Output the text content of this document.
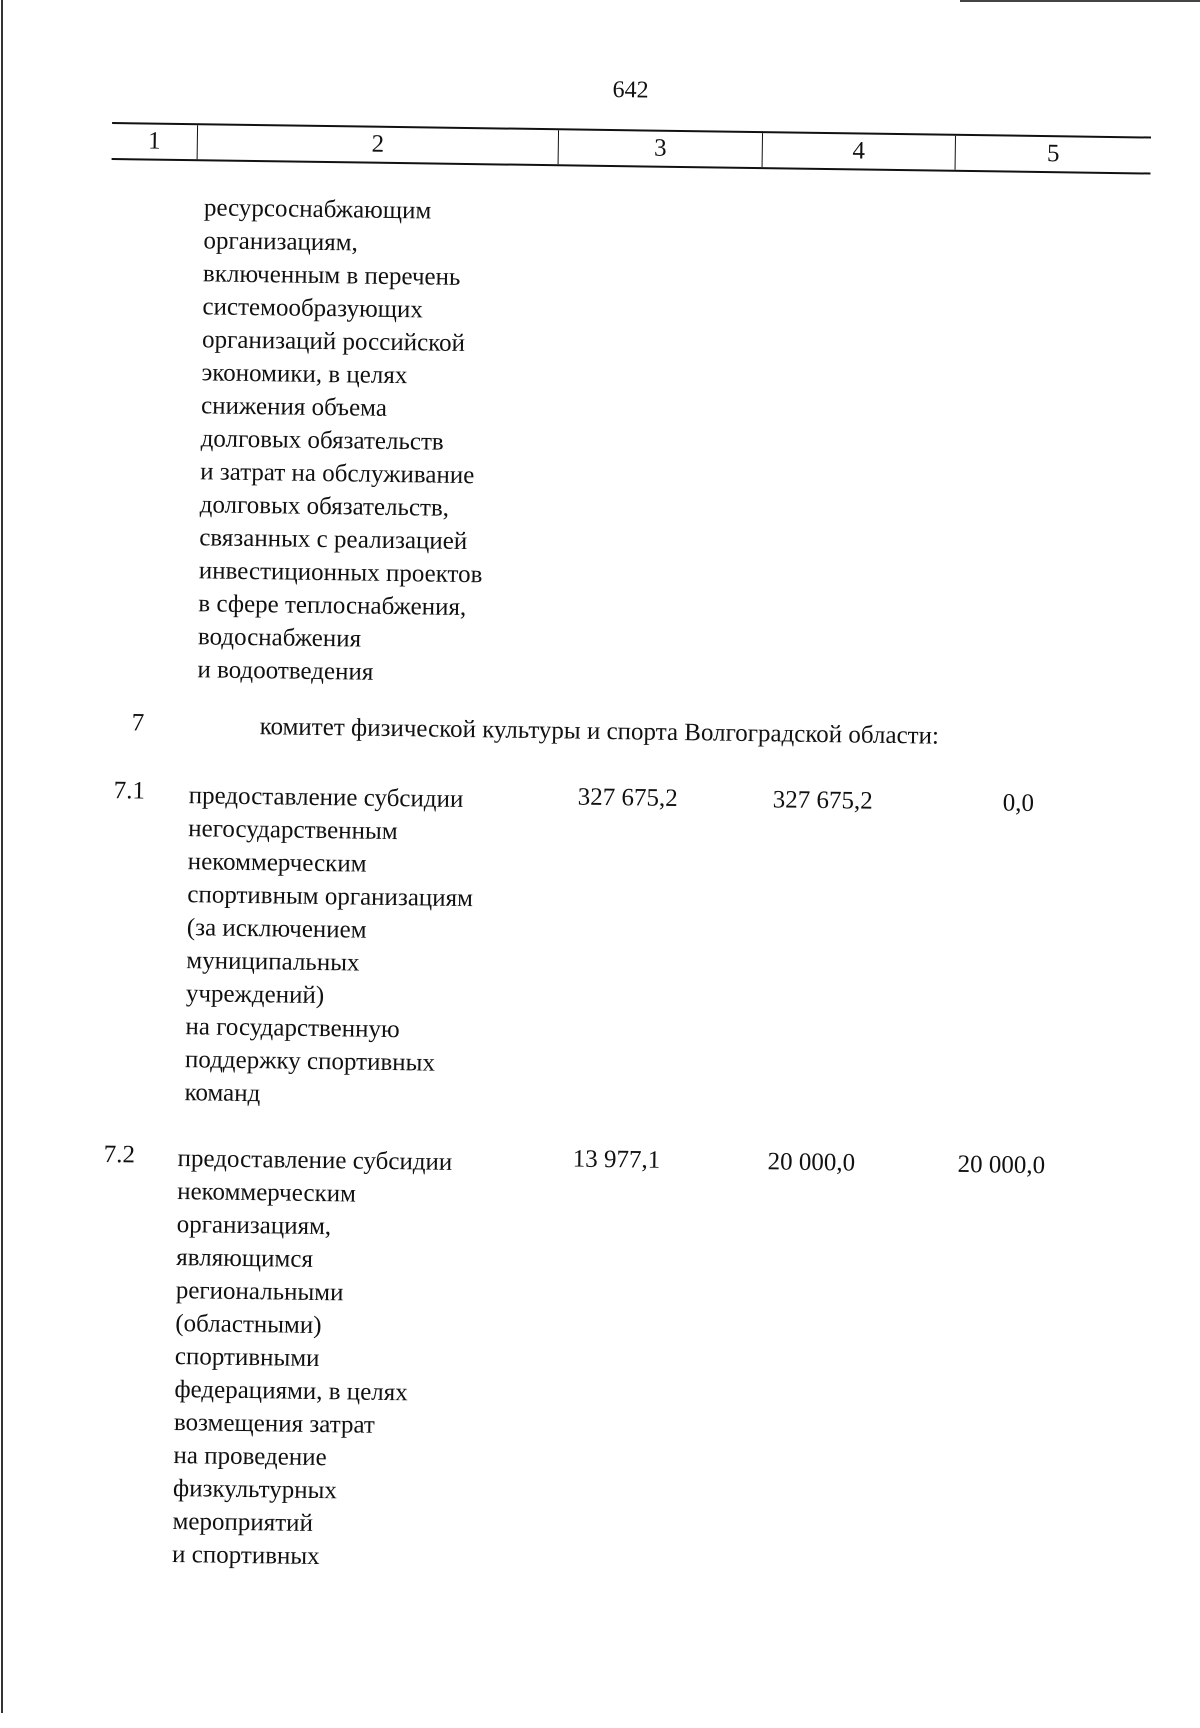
642
1	2	3	4	5
ресурсоснабжающим
организациям,
включенным в перечень
системообразующих
организаций российской
экономики, в целях
снижения объема
долговых обязательств
и затрат на обслуживание
долговых обязательств,
связанных с реализацией
инвестиционных проектов
в сфере теплоснабжения,
водоснабжения
и водоотведения
7	комитет физической культуры и спорта Волгоградской области:
7.1 предоставление субсидии
негосударственным
некоммерческим
спортивным организациям
(за исключением
муниципальных
учреждений)
на государственную
поддержку спортивных
команд
327 675,2	327 675,2	0,0
7.2 предоставление субсидии
некоммерческим
организациям,
являющимся
региональными
(областными)
спортивными
федерациями, в целях
возмещения затрат
на проведение
физкультурных
мероприятий
и спортивных
13 977,1	20 000,0	20 000,0
